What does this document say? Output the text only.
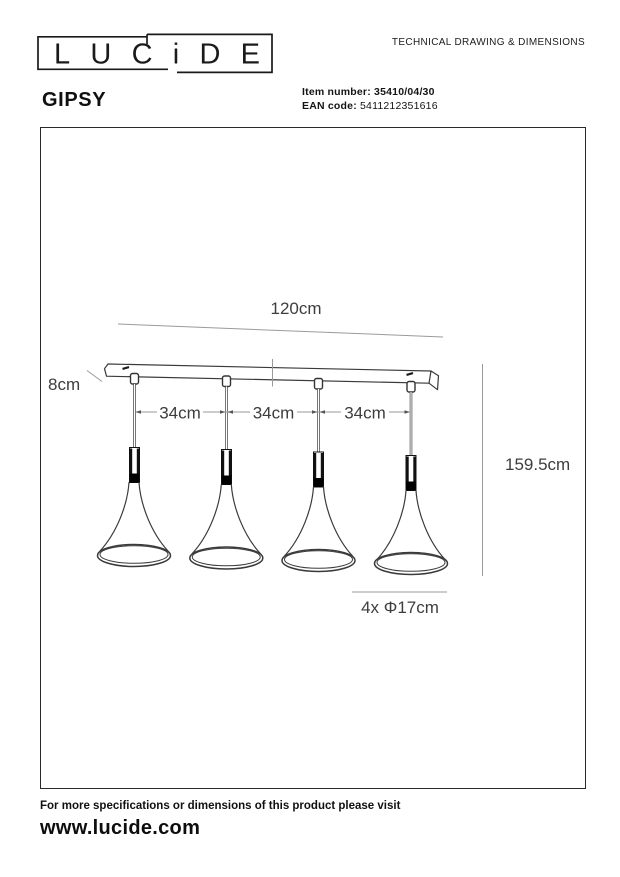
LUCiDE	TECHNICAL DRAWING & DIMENSIONS
GIPSY	Item number: 35410/04/30
EAN code: 5411212351616
120cm
8cm
34cm	34cm	34cm
159.5cm
4x Φ17cm
For more specifications or dimensions of this product please visit
www.lucide.com
